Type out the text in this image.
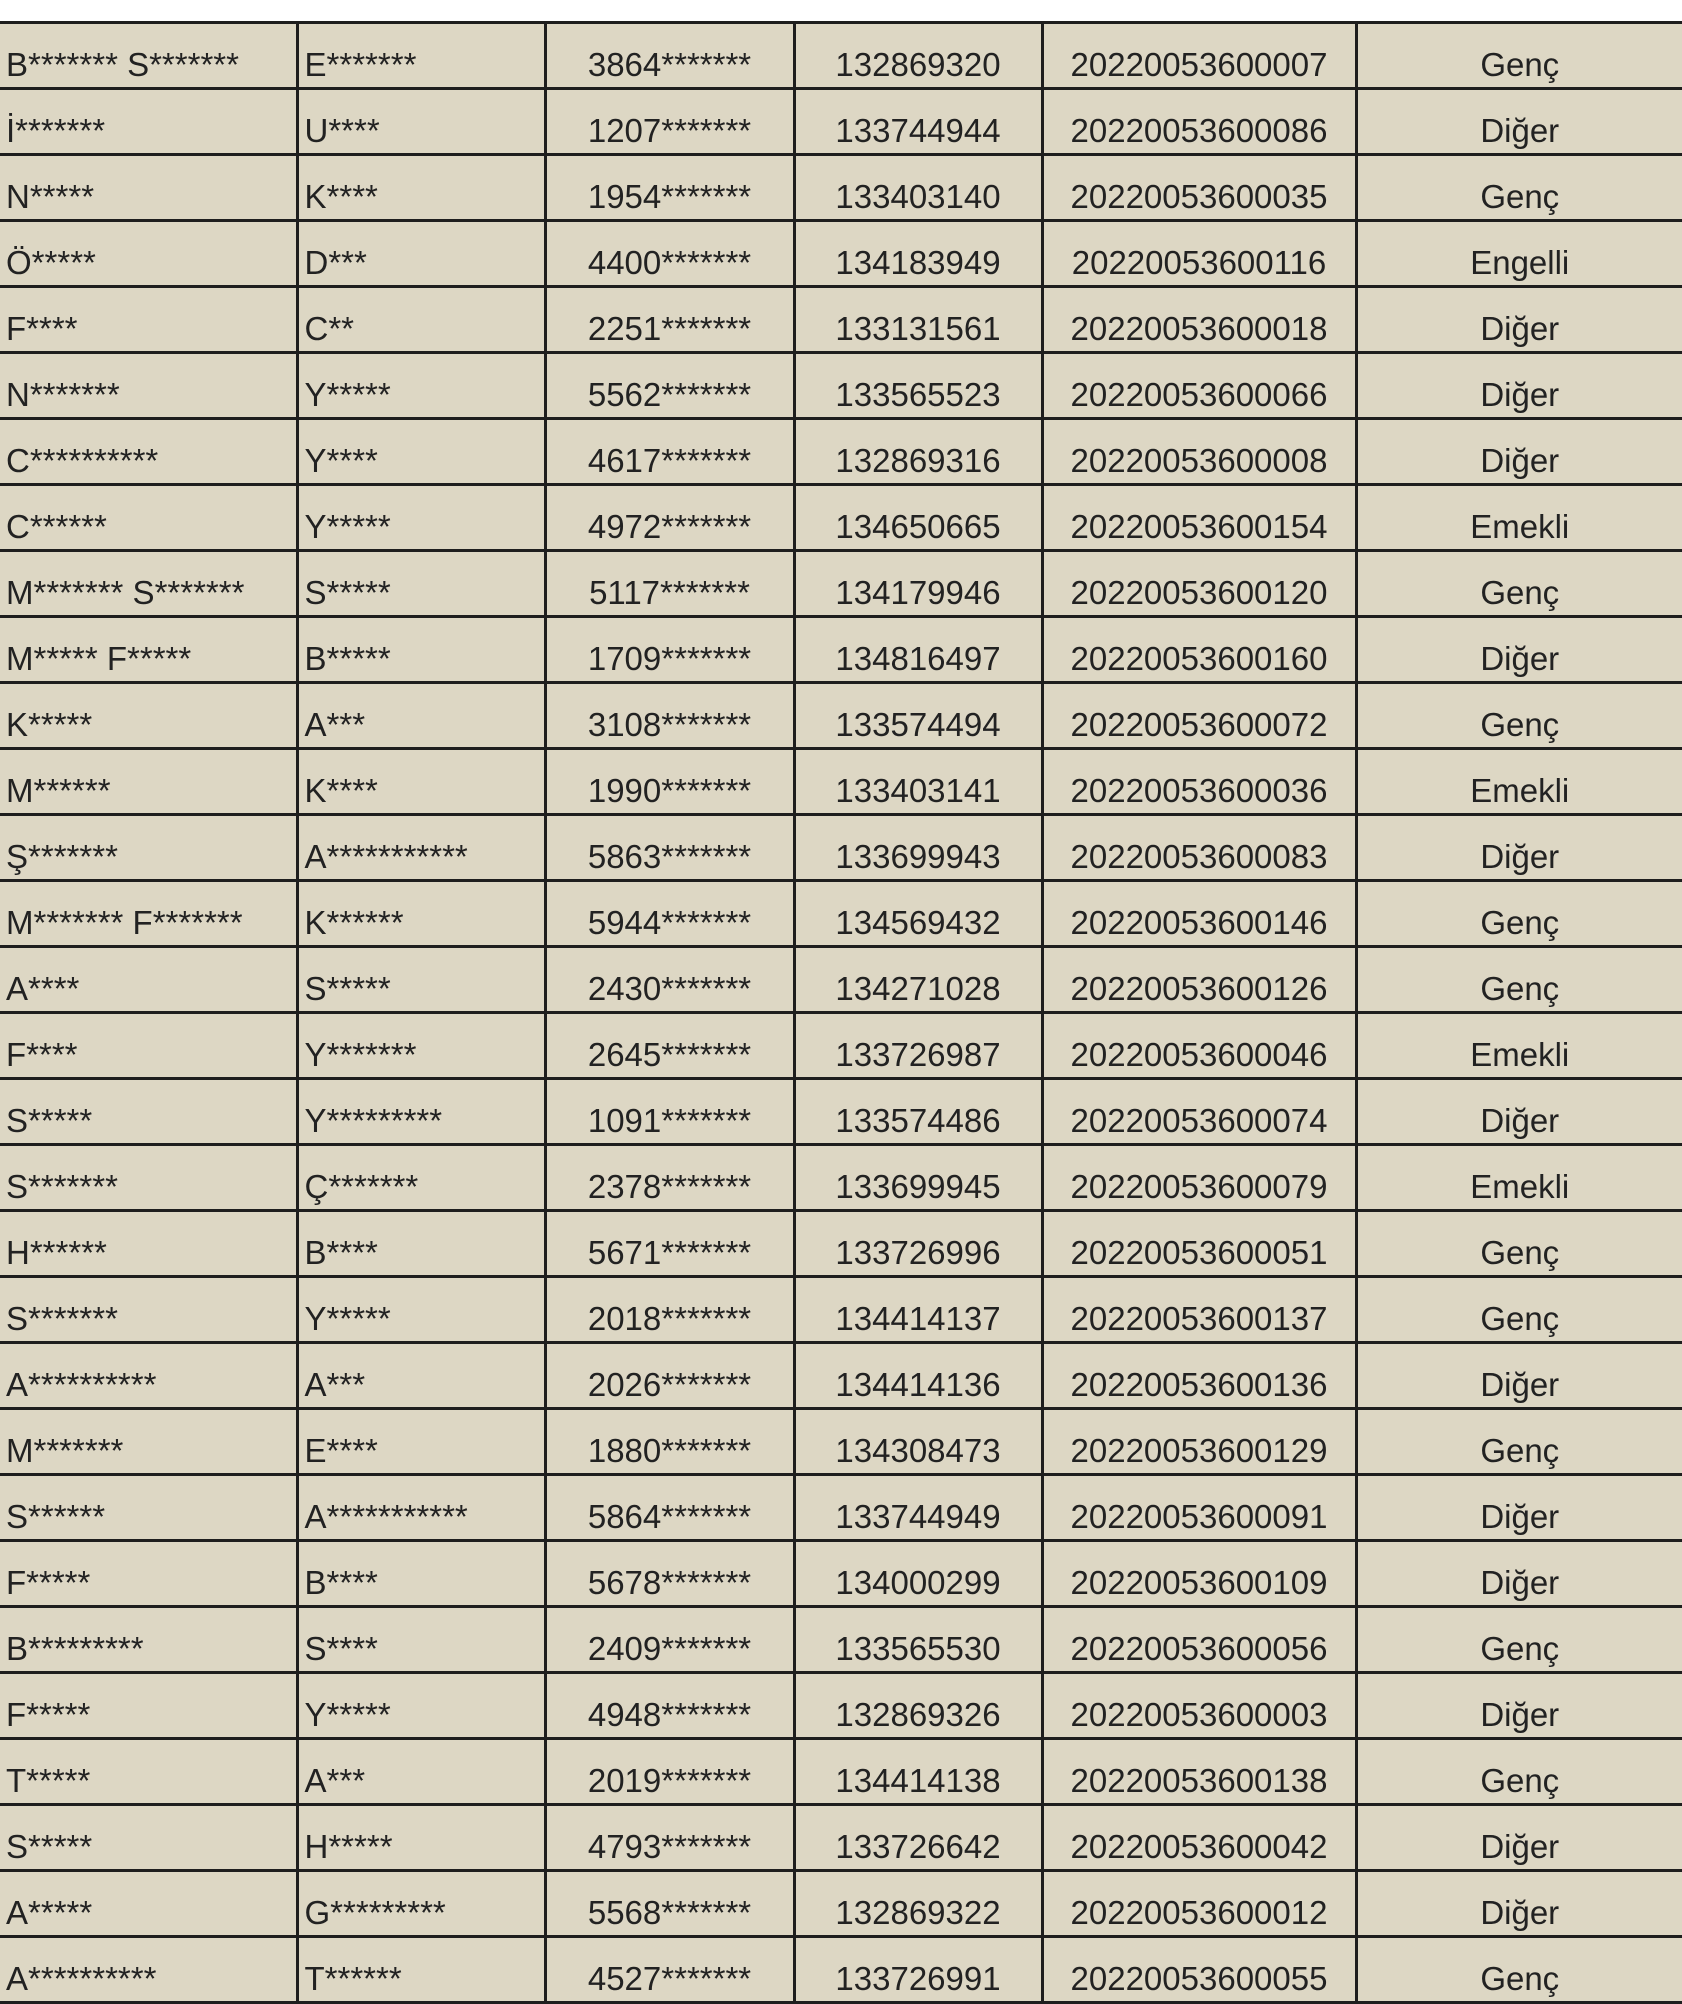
B******* S*******	E*******	3864*******	132869320	20220053600007	Genç
İ*******	U****	1207*******	133744944	20220053600086	Diğer
N*****	K****	1954*******	133403140	20220053600035	Genç
Ö*****	D***	4400*******	134183949	20220053600116	Engelli
F****	C**	2251*******	133131561	20220053600018	Diğer
N*******	Y*****	5562*******	133565523	20220053600066	Diğer
C**********	Y****	4617*******	132869316	20220053600008	Diğer
C******	Y*****	4972*******	134650665	20220053600154	Emekli
M******* S*******	S*****	5117*******	134179946	20220053600120	Genç
M***** F*****	B*****	1709*******	134816497	20220053600160	Diğer
K*****	A***	3108*******	133574494	20220053600072	Genç
M******	K****	1990*******	133403141	20220053600036	Emekli
Ş*******	A***********	5863*******	133699943	20220053600083	Diğer
M******* F*******	K******	5944*******	134569432	20220053600146	Genç
A****	S*****	2430*******	134271028	20220053600126	Genç
F****	Y*******	2645*******	133726987	20220053600046	Emekli
S*****	Y*********	1091*******	133574486	20220053600074	Diğer
S*******	Ç*******	2378*******	133699945	20220053600079	Emekli
H******	B****	5671*******	133726996	20220053600051	Genç
S*******	Y*****	2018*******	134414137	20220053600137	Genç
A**********	A***	2026*******	134414136	20220053600136	Diğer
M*******	E****	1880*******	134308473	20220053600129	Genç
S******	A***********	5864*******	133744949	20220053600091	Diğer
F*****	B****	5678*******	134000299	20220053600109	Diğer
B*********	S****	2409*******	133565530	20220053600056	Genç
F*****	Y*****	4948*******	132869326	20220053600003	Diğer
T*****	A***	2019*******	134414138	20220053600138	Genç
S*****	H*****	4793*******	133726642	20220053600042	Diğer
A*****	G*********	5568*******	132869322	20220053600012	Diğer
A**********	T******	4527*******	133726991	20220053600055	Genç
